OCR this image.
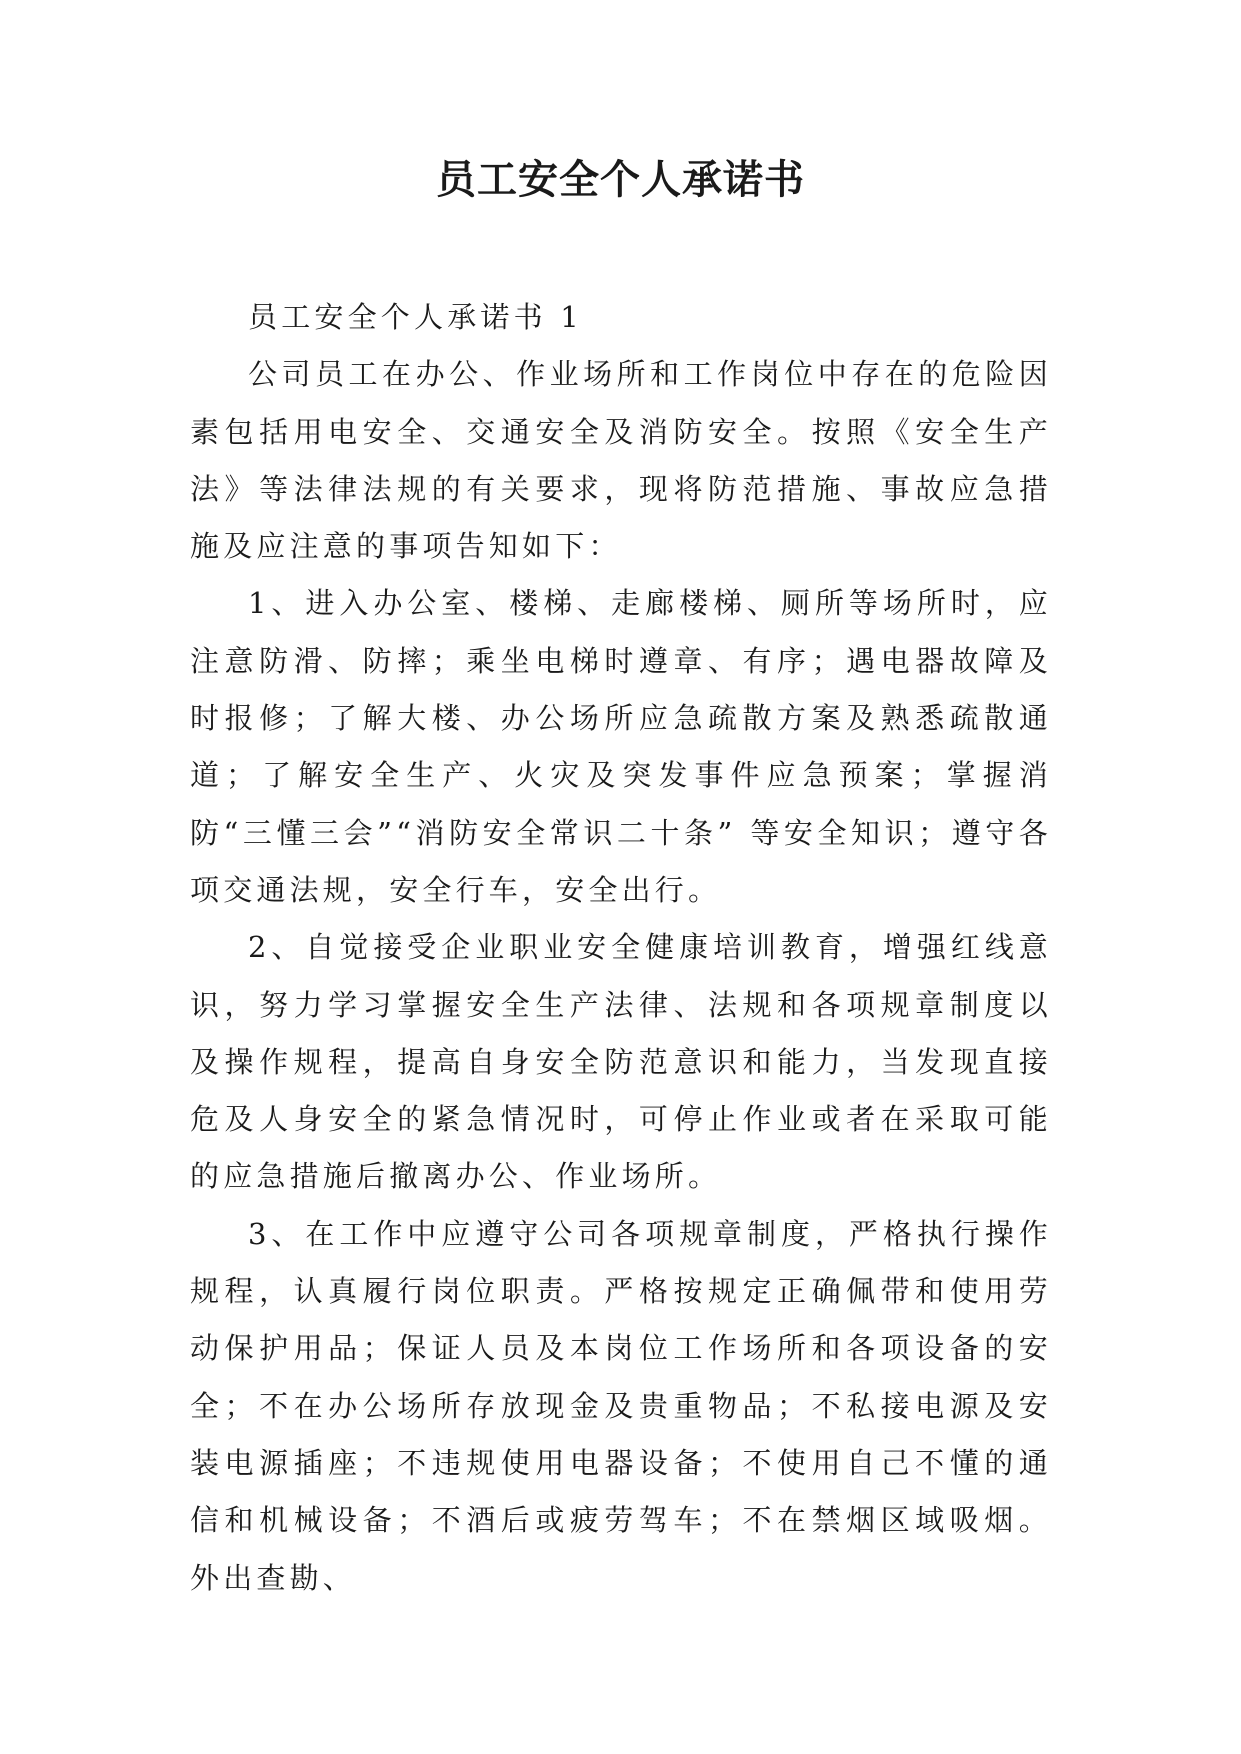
员工安全个人承诺书

员工安全个人承诺书 1

公司员工在办公、作业场所和工作岗位中存在的危险因素包括用电安全、交通安全及消防安全。按照《安全生产法》等法律法规的有关要求，现将防范措施、事故应急措施及应注意的事项告知如下：

1、进入办公室、楼梯、走廊楼梯、厕所等场所时，应注意防滑、防摔；乘坐电梯时遵章、有序；遇电器故障及时报修；了解大楼、办公场所应急疏散方案及熟悉疏散通道；了解安全生产、火灾及突发事件应急预案；掌握消防“三懂三会”“消防安全常识二十条” 等安全知识；遵守各项交通法规，安全行车，安全出行。

2、自觉接受企业职业安全健康培训教育，增强红线意识，努力学习掌握安全生产法律、法规和各项规章制度以及操作规程，提高自身安全防范意识和能力，当发现直接危及人身安全的紧急情况时，可停止作业或者在采取可能的应急措施后撤离办公、作业场所。

3、在工作中应遵守公司各项规章制度，严格执行操作规程，认真履行岗位职责。严格按规定正确佩带和使用劳动保护用品；保证人员及本岗位工作场所和各项设备的安全；不在办公场所存放现金及贵重物品；不私接电源及安装电源插座；不违规使用电器设备；不使用自己不懂的通信和机械设备；不酒后或疲劳驾车；不在禁烟区域吸烟。外出查勘、
